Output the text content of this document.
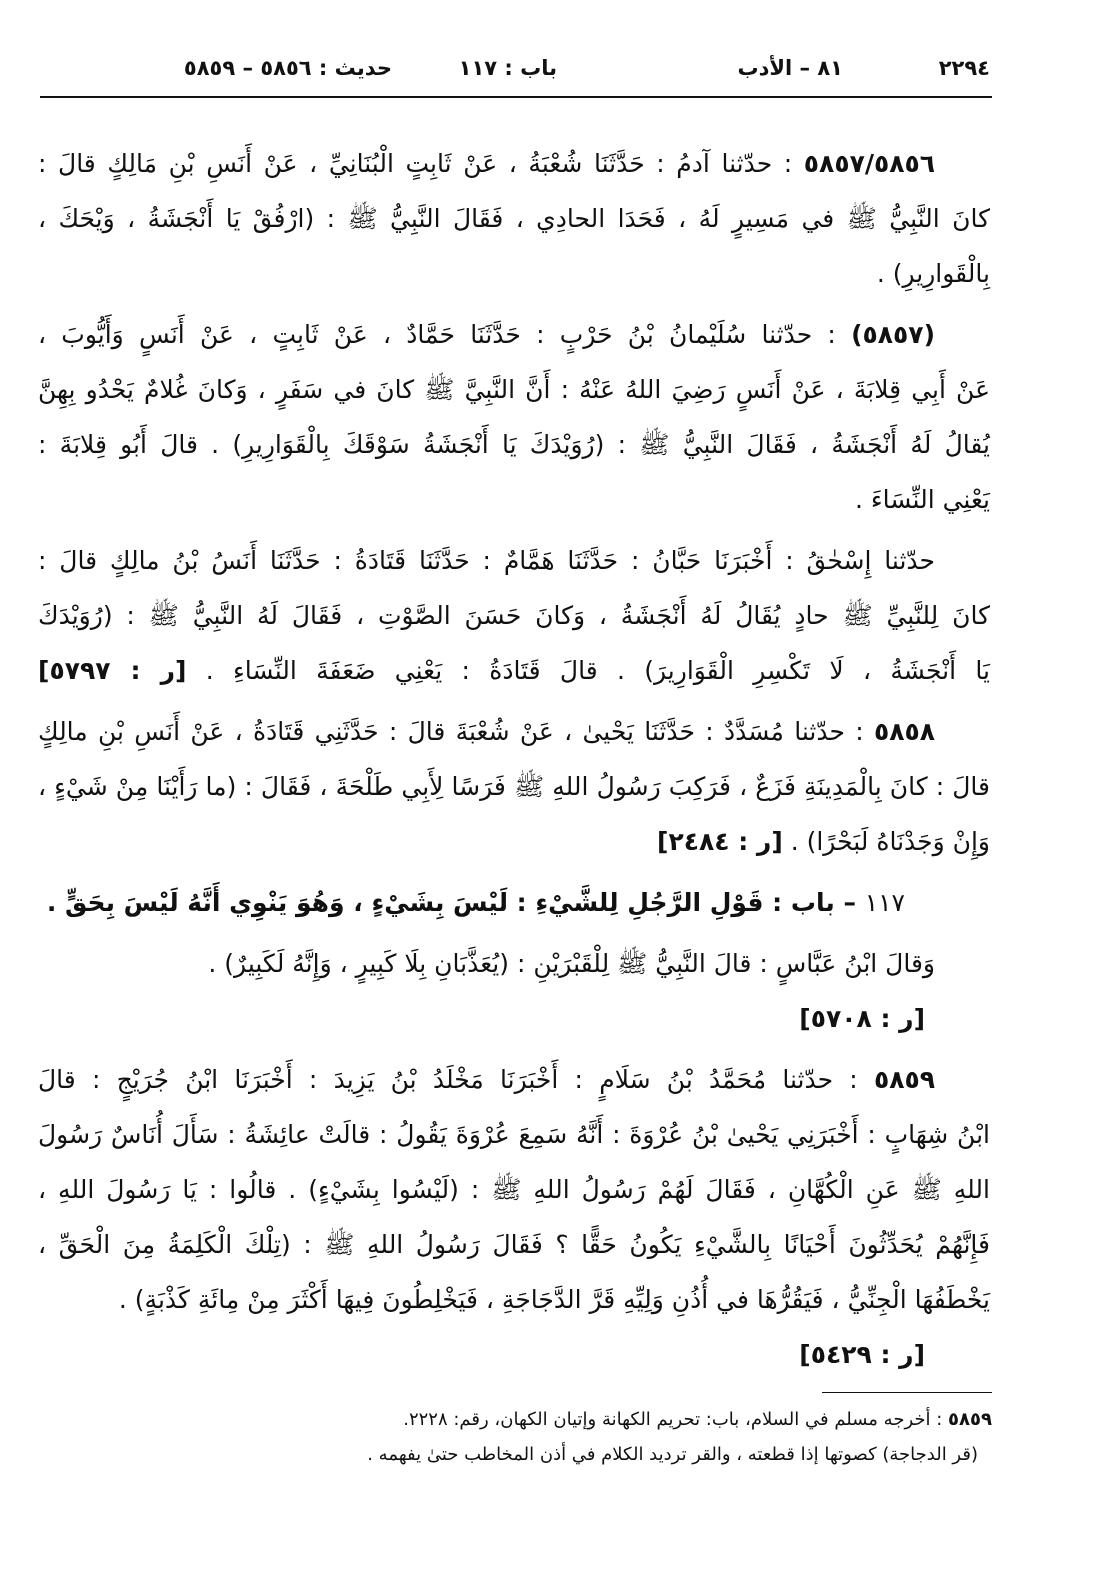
٢٢٩٤
٨١ – الأدب
باب : ١١٧
حديث : ٥٨٥٦ – ٥٨٥٩
٥٨٥٧/٥٨٥٦ : حدّثنا آدمُ : حَدَّثَنَا شُعْبَةُ ، عَنْ ثَابِتٍ الْبُنَانِيِّ ، عَنْ أَنَسِ بْنِ مَالِكٍ قالَ :
كانَ النَّبِيُّ ﷺ في مَسِيرٍ لَهُ ، فَحَدَا الحادِي ، فَقَالَ النَّبِيُّ ﷺ : (ارْفُقْ يَا أَنْجَشَةُ ، وَيْحَكَ ،
بِالْقَوارِيرِ) .
(٥٨٥٧) : حدّثنا سُلَيْمانُ بْنُ حَرْبٍ : حَدَّثَنَا حَمَّادٌ ، عَنْ ثَابِتٍ ، عَنْ أَنَسٍ وَأَيُّوبَ ،
عَنْ أَبِي قِلابَةَ ، عَنْ أَنَسٍ رَضِيَ اللهُ عَنْهُ : أَنَّ النَّبِيَّ ﷺ كانَ في سَفَرٍ ، وَكانَ غُلامٌ يَحْدُو بِهِنَّ
يُقالُ لَهُ أَنْجَشَةُ ، فَقَالَ النَّبِيُّ ﷺ : (رُوَيْدَكَ يَا أَنْجَشَةُ سَوْقَكَ بِالْقَوَارِيرِ) . قالَ أَبُو قِلابَةَ :
يَعْنِي النِّسَاءَ .
حدّثنا إِسْحٰقُ : أَخْبَرَنَا حَبَّانُ : حَدَّثَنَا هَمَّامٌ : حَدَّثَنَا قَتَادَةُ : حَدَّثَنَا أَنَسُ بْنُ مالِكٍ قالَ :
كانَ لِلنَّبِيِّ ﷺ حادٍ يُقَالُ لَهُ أَنْجَشَةُ ، وَكانَ حَسَنَ الصَّوْتِ ، فَقَالَ لَهُ النَّبِيُّ ﷺ : (رُوَيْدَكَ
يَا أَنْجَشَةُ ، لَا تَكْسِرِ الْقَوَارِيرَ) . قالَ قَتَادَةُ : يَعْنِي ضَعَفَةَ النِّسَاءِ . [ر : ٥٧٩٧]
٥٨٥٨ : حدّثنا مُسَدَّدٌ : حَدَّثَنَا يَحْيىٰ ، عَنْ شُعْبَةَ قالَ : حَدَّثَنِي قَتَادَةُ ، عَنْ أَنَسِ بْنِ مالِكٍ
قالَ : كانَ بِالْمَدِينَةِ فَزَعٌ ، فَرَكِبَ رَسُولُ اللهِ ﷺ فَرَسًا لِأَبِي طَلْحَةَ ، فَقَالَ : (ما رَأَيْنَا مِنْ شَيْءٍ ،
وَإِنْ وَجَدْنَاهُ لَبَحْرًا) . [ر : ٢٤٨٤]
١١٧ – باب : قَوْلِ الرَّجُلِ لِلشَّيْءِ : لَيْسَ بِشَيْءٍ ، وَهُوَ يَنْوِي أَنَّهُ لَيْسَ بِحَقٍّ .
وَقالَ ابْنُ عَبَّاسٍ : قالَ النَّبِيُّ ﷺ لِلْقَبْرَيْنِ : (يُعَذَّبَانِ بِلَا كَبِيرٍ ، وَإِنَّهُ لَكَبِيرٌ) .
[ر : ٥٧٠٨]
٥٨٥٩ : حدّثنا مُحَمَّدُ بْنُ سَلَامٍ : أَخْبَرَنَا مَخْلَدُ بْنُ يَزِيدَ : أَخْبَرَنَا ابْنُ جُرَيْجٍ : قالَ
ابْنُ شِهَابٍ : أَخْبَرَنِي يَحْيىٰ بْنُ عُرْوَةَ : أَنَّهُ سَمِعَ عُرْوَةَ يَقُولُ : قالَتْ عائِشَةُ : سَأَلَ أُنَاسٌ رَسُولَ
اللهِ ﷺ عَنِ الْكُهَّانِ ، فَقَالَ لَهُمْ رَسُولُ اللهِ ﷺ : (لَيْسُوا بِشَيْءٍ) . قالُوا : يَا رَسُولَ اللهِ ،
فَإِنَّهُمْ يُحَدِّثُونَ أَحْيَانًا بِالشَّيْءِ يَكُونُ حَقًّا ؟ فَقَالَ رَسُولُ اللهِ ﷺ : (تِلْكَ الْكَلِمَةُ مِنَ الْحَقِّ ،
يَخْطَفُهَا الْجِنِّيُّ ، فَيَقُرُّهَا في أُذُنِ وَلِيِّهِ قَرَّ الدَّجَاجَةِ ، فَيَخْلِطُونَ فِيهَا أَكْثَرَ مِنْ مِائَةِ كَذْبَةٍ) .
[ر : ٥٤٢٩]
٥٨٥٩ : أخرجه مسلم في السلام، باب: تحريم الكهانة وإتيان الكهان، رقم: ٢٢٢٨.
(قر الدجاجة) كصوتها إذا قطعته ، والقر ترديد الكلام في أذن المخاطب حتىٰ يفهمه .
